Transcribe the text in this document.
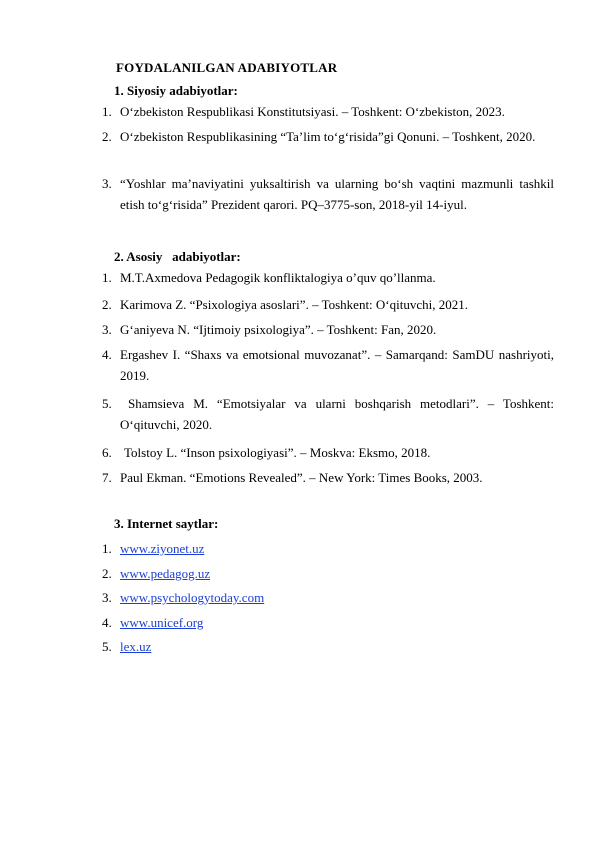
FOYDALANILGAN ADABIYOTLAR
1. Siyosiy adabiyotlar:
1. O‘zbekiston Respublikasi Konstitutsiyasi. – Toshkent: O‘zbekiston, 2023.
2. O‘zbekiston Respublikasining “Ta’lim to‘g‘risida”gi Qonuni. – Toshkent, 2020.
3. “Yoshlar ma’naviyatini yuksaltirish va ularning bo‘sh vaqtini mazmunli tashkil etish to‘g‘risida” Prezident qarori. PQ–3775-son, 2018-yil 14-iyul.
2. Asosiy   adabiyotlar:
1. M.T.Axmedova Pedagogik konfliktalogiya o’quv qo’llanma.
2. Karimova Z. “Psixologiya asoslari”. – Toshkent: O‘qituvchi, 2021.
3. G‘aniyeva N. “Ijtimoiy psixologiya”. – Toshkent: Fan, 2020.
4. Ergashev I. “Shaxs va emotsional muvozanat”. – Samarqand: SamDU nashriyoti, 2019.
5.	Shamsieva M. “Emotsiyalar va ularni boshqarish metodlari”. – Toshkent: O‘qituvchi, 2020.
6. Tolstoy L. “Inson psixologiyasi”. – Moskva: Eksmo, 2018.
7. Paul Ekman. “Emotions Revealed”. – New York: Times Books, 2003.
3. Internet saytlar:
1. www.ziyonet.uz
2. www.pedagog.uz
3. www.psychologytoday.com
4. www.unicef.org
5. lex.uz
